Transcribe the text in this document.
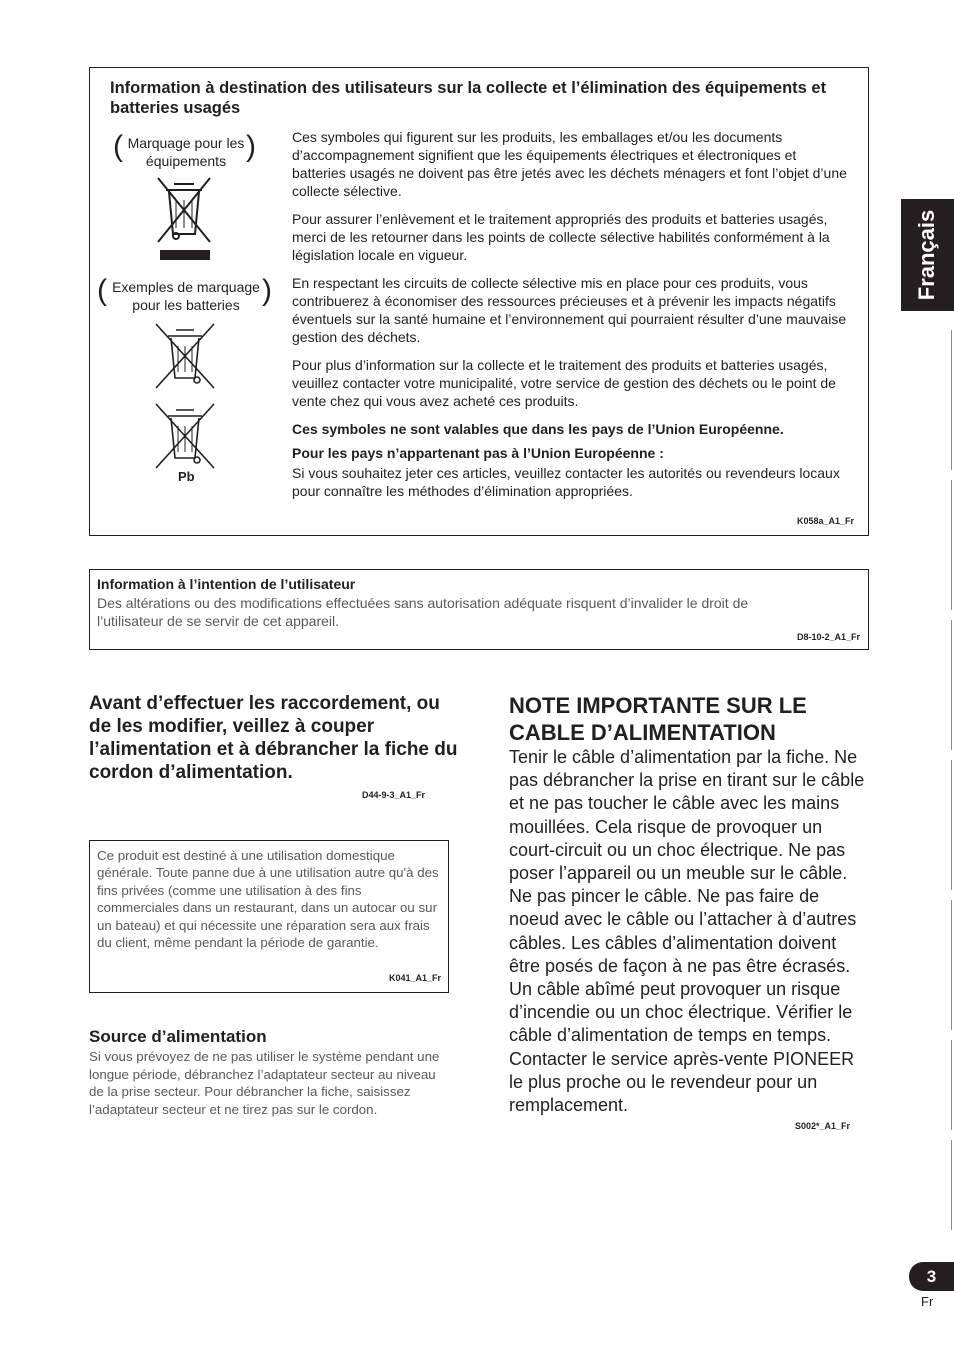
Information à destination des utilisateurs sur la collecte et l’élimination des équipements et batteries usagés
( Marquage pour les équipements )
( Exemples de marquage pour les batteries )
Pb

Ces symboles qui figurent sur les produits, les emballages et/ou les documents d’accompagnement signifient que les équipements électriques et électroniques et batteries usagés ne doivent pas être jetés avec les déchets ménagers et font l’objet d’une collecte sélective.

Pour assurer l’enlèvement et le traitement appropriés des produits et batteries usagés, merci de les retourner dans les points de collecte sélective habilités conformément à la législation locale en vigueur.

En respectant les circuits de collecte sélective mis en place pour ces produits, vous contribuerez à économiser des ressources précieuses et à prévenir les impacts négatifs éventuels sur la santé humaine et l’environnement qui pourraient résulter d’une mauvaise gestion des déchets.

Pour plus d’information sur la collecte et le traitement des produits et batteries usagés, veuillez contacter votre municipalité, votre service de gestion des déchets ou le point de vente chez qui vous avez acheté ces produits.

Ces symboles ne sont valables que dans les pays de l’Union Européenne.

Pour les pays n’appartenant pas à l’Union Européenne :

Si vous souhaitez jeter ces articles, veuillez contacter les autorités ou revendeurs locaux pour connaître les méthodes d’élimination appropriées.

K058a_A1_Fr
Information à l’intention de l’utilisateur
Des altérations ou des modifications effectuées sans autorisation adéquate risquent d’invalider le droit de l’utilisateur de se servir de cet appareil.
D8-10-2_A1_Fr
Avant d’effectuer les raccordement, ou de les modifier, veillez à couper l’alimentation et à débrancher la fiche du cordon d’alimentation.
D44-9-3_A1_Fr
Ce produit est destiné à une utilisation domestique générale. Toute panne due à une utilisation autre qu'à des fins privées (comme une utilisation à des fins commerciales dans un restaurant, dans un autocar ou sur un bateau) et qui nécessite une réparation sera aux frais du client, même pendant la période de garantie.
K041_A1_Fr
Source d’alimentation
Si vous prévoyez de ne pas utiliser le système pendant une longue période, débranchez l’adaptateur secteur au niveau de la prise secteur. Pour débrancher la fiche, saisissez l’adaptateur secteur et ne tirez pas sur le cordon.
NOTE IMPORTANTE SUR LE CABLE D’ALIMENTATION
Tenir le câble d’alimentation par la fiche. Ne pas débrancher la prise en tirant sur le câble et ne pas toucher le câble avec les mains mouillées. Cela risque de provoquer un court-circuit ou un choc électrique. Ne pas poser l’appareil ou un meuble sur le câble. Ne pas pincer le câble. Ne pas faire de noeud avec le câble ou l’attacher à d’autres câbles. Les câbles d’alimentation doivent être posés de façon à ne pas être écrasés. Un câble abîmé peut provoquer un risque d’incendie ou un choc électrique. Vérifier le câble d’alimentation de temps en temps. Contacter le service après-vente PIONEER le plus proche ou le revendeur pour un remplacement.
S002*_A1_Fr
Français
3
Fr
